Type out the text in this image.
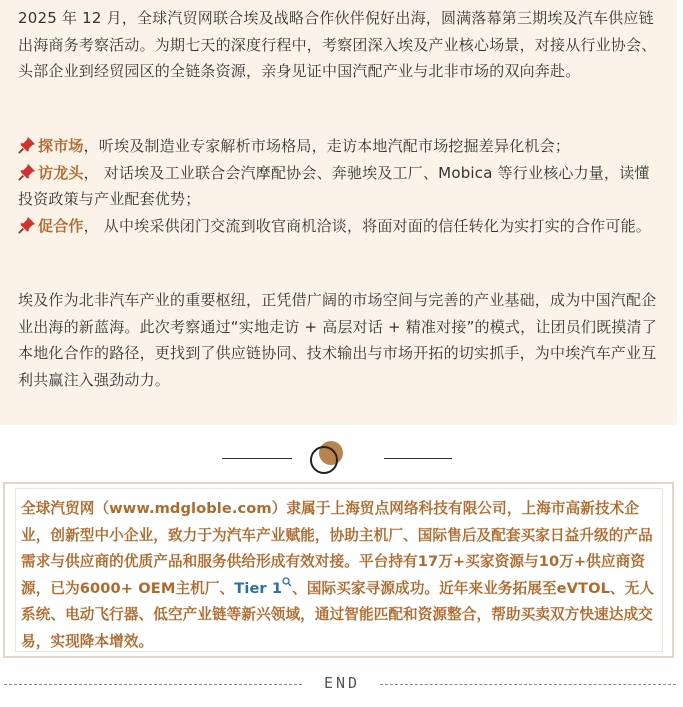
2025 年 12 月，全球汽贸网联合埃及战略合作伙伴倪好出海，圆满落幕第三期埃及汽车供应链出海商务考察活动。为期七天的深度行程中，考察团深入埃及产业核心场景，对接从行业协会、头部企业到经贸园区的全链条资源，亲身见证中国汽配产业与北非市场的双向奔赴。
探市场，听埃及制造业专家解析市场格局，走访本地汽配市场挖掘差异化机会；
访龙头， 对话埃及工业联合会汽摩配协会、奔驰埃及工厂、Mobica 等行业核心力量，读懂投资政策与产业配套优势；
促合作， 从中埃采供闭门交流到收官商机洽谈，将面对面的信任转化为实打实的合作可能。
埃及作为北非汽车产业的重要枢纽，正凭借广阔的市场空间与完善的产业基础，成为中国汽配企业出海的新蓝海。此次考察通过“实地走访 + 高层对话 + 精准对接”的模式，让团员们既摸清了本地化合作的路径，更找到了供应链协同、技术输出与市场开拓的切实抓手，为中埃汽车产业互利共赢注入强劲动力。
全球汽贸网（www.mdgloble.com）隶属于上海贸点网络科技有限公司，上海市高新技术企业，创新型中小企业，致力于为汽车产业赋能，协助主机厂、国际售后及配套买家日益升级的产品需求与供应商的优质产品和服务供给形成有效对接。平台持有17万+买家资源与10万+供应商资源，已为6000+ OEM主机厂、Tier 1 、国际买家寻源成功。近年来业务拓展至eVTOL、无人系统、电动飞行器、低空产业链等新兴领域，通过智能匹配和资源整合，帮助买卖双方快速达成交易，实现降本增效。
END
